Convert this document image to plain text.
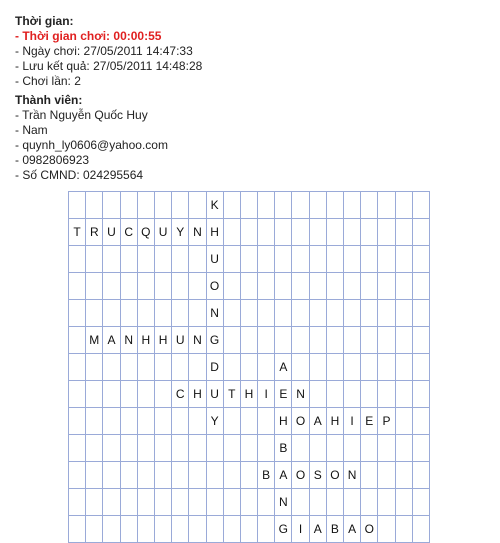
Thời gian:
- Thời gian chơi: 00:00:55
- Ngày chơi: 27/05/2011 14:47:33
- Lưu kết quả: 27/05/2011 14:48:28
- Chơi lần: 2
Thành viên:
- Trần Nguyễn Quốc Huy
- Nam
- quynh_ly0606@yahoo.com
- 0982806923
- Số CMND: 024295564
								K												
T	R	U	C	Q	U	Y	N	H												
								U												
								O												
								N												
	M	A	N	H	H	U	N	G												
								D				A								
						C	H	U	T	H	I	E	N							
								Y				H	O	A	H	I	E	P		
												B								
											B	A	O	S	O	N				
												N								
												G	I	A	B	A	O			
